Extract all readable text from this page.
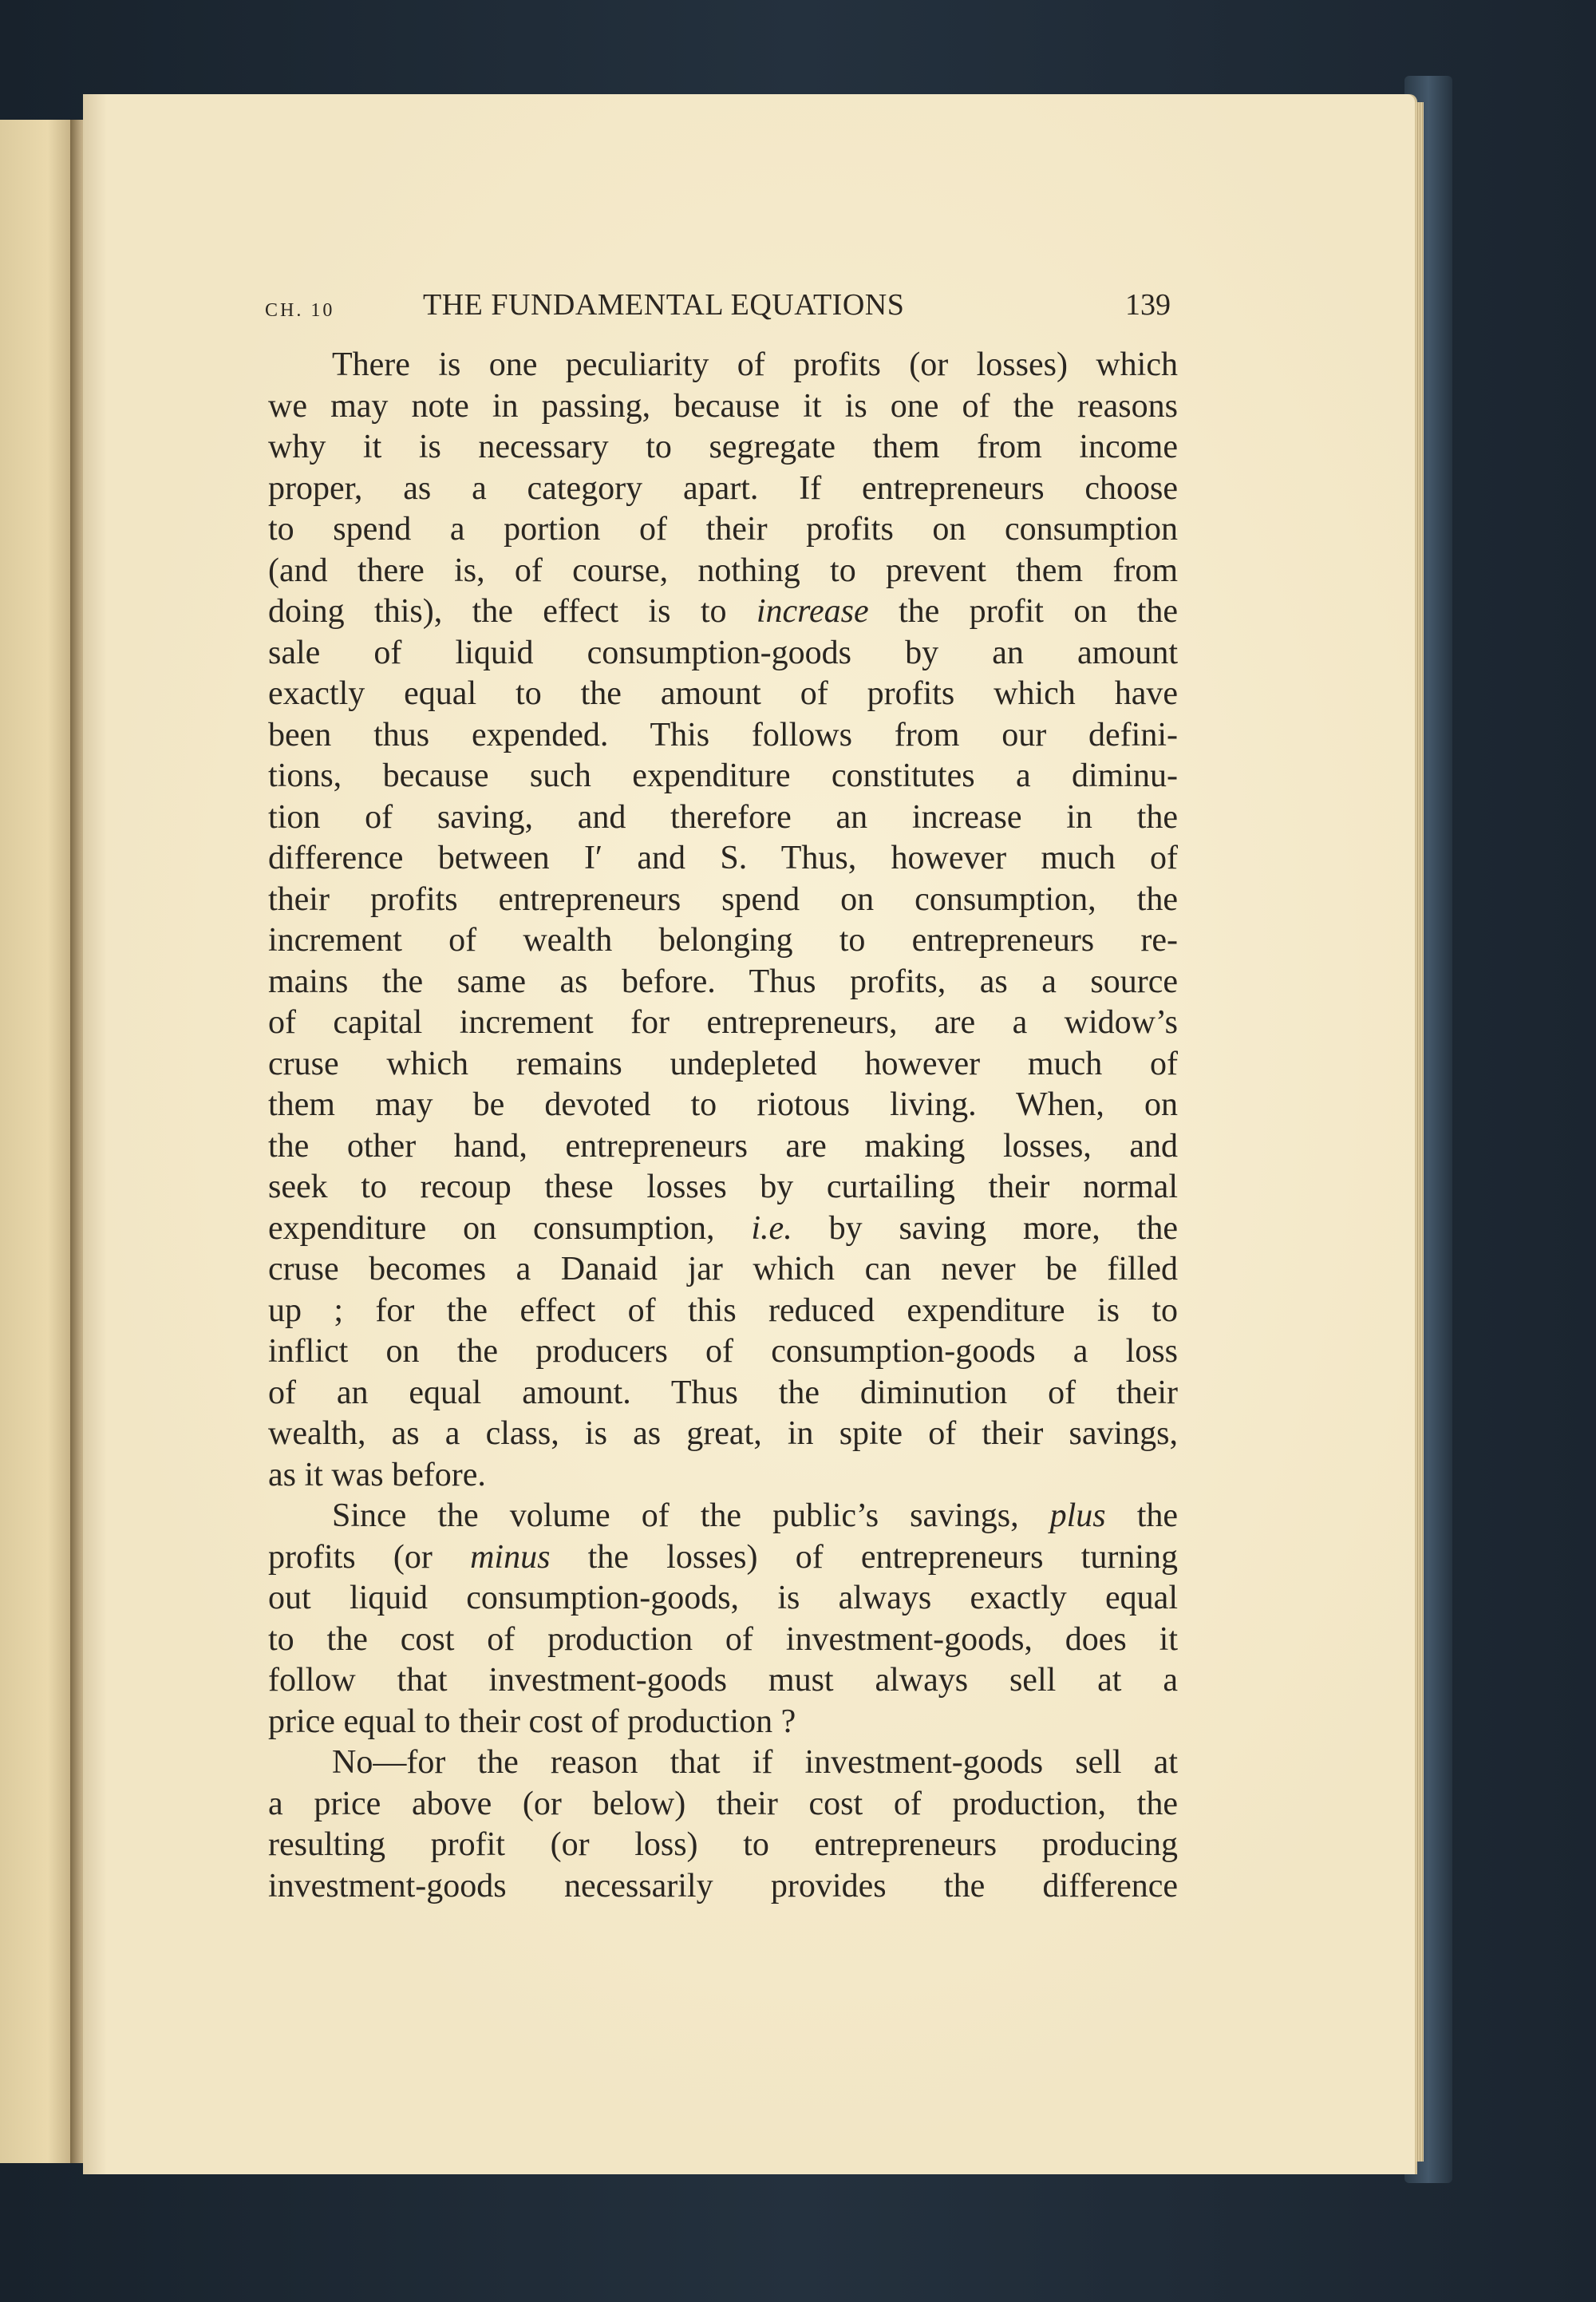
CH. 10	THE FUNDAMENTAL EQUATIONS	139
There is one peculiarity of profits (or losses) which
we may note in passing, because it is one of the reasons
why it is necessary to segregate them from income
proper, as a category apart. If entrepreneurs choose
to spend a portion of their profits on consumption
(and there is, of course, nothing to prevent them from
doing this), the effect is to increase the profit on the
sale of liquid consumption-goods by an amount
exactly equal to the amount of profits which have
been thus expended. This follows from our defini-
tions, because such expenditure constitutes a diminu-
tion of saving, and therefore an increase in the
difference between I′ and S. Thus, however much of
their profits entrepreneurs spend on consumption, the
increment of wealth belonging to entrepreneurs re-
mains the same as before. Thus profits, as a source
of capital increment for entrepreneurs, are a widow’s
cruse which remains undepleted however much of
them may be devoted to riotous living. When, on
the other hand, entrepreneurs are making losses, and
seek to recoup these losses by curtailing their normal
expenditure on consumption, i.e. by saving more, the
cruse becomes a Danaid jar which can never be filled
up ; for the effect of this reduced expenditure is to
inflict on the producers of consumption-goods a loss
of an equal amount. Thus the diminution of their
wealth, as a class, is as great, in spite of their savings,
as it was before.
Since the volume of the public’s savings, plus the
profits (or minus the losses) of entrepreneurs turning
out liquid consumption-goods, is always exactly equal
to the cost of production of investment-goods, does it
follow that investment-goods must always sell at a
price equal to their cost of production ?
No—for the reason that if investment-goods sell at
a price above (or below) their cost of production, the
resulting profit (or loss) to entrepreneurs producing
investment-goods necessarily provides the difference
